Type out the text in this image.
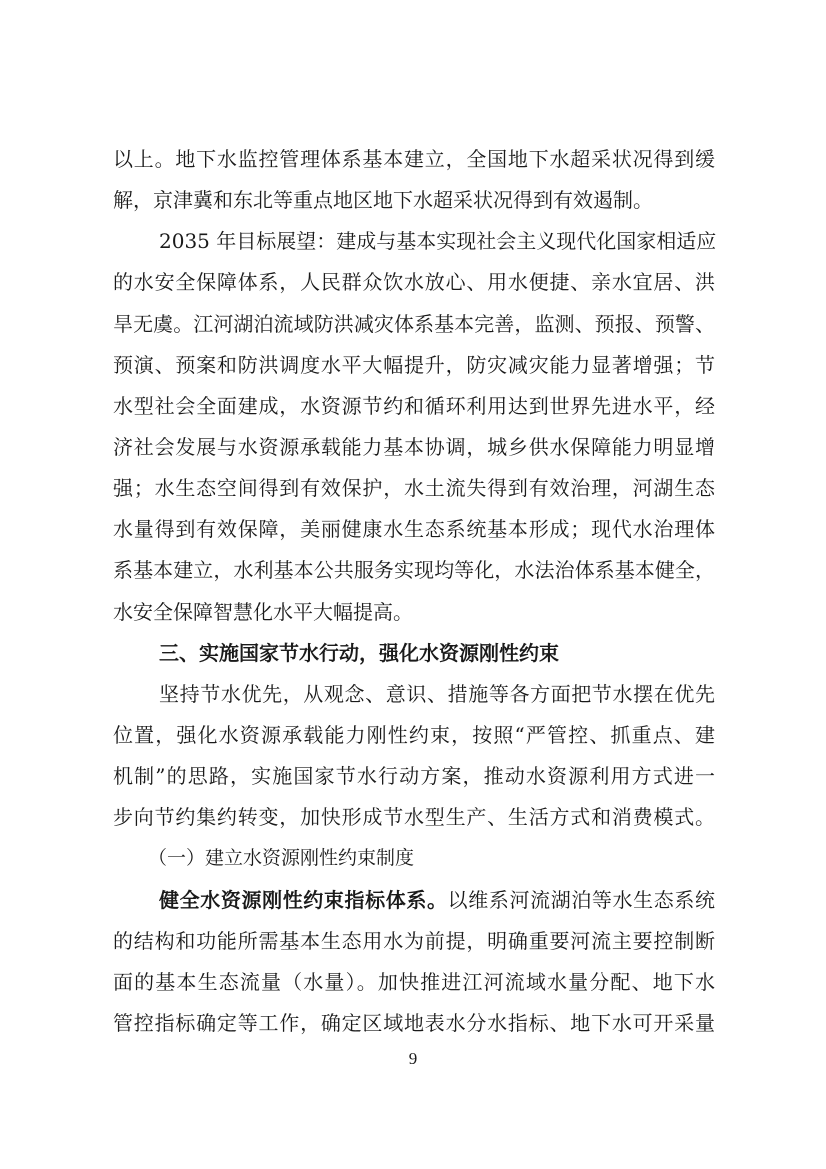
以上。地下水监控管理体系基本建立，全国地下水超采状况得到缓
解，京津冀和东北等重点地区地下水超采状况得到有效遏制。
2035 年目标展望：建成与基本实现社会主义现代化国家相适应
的水安全保障体系，人民群众饮水放心、用水便捷、亲水宜居、洪
旱无虞。江河湖泊流域防洪减灾体系基本完善，监测、预报、预警、
预演、预案和防洪调度水平大幅提升，防灾减灾能力显著增强；节
水型社会全面建成，水资源节约和循环利用达到世界先进水平，经
济社会发展与水资源承载能力基本协调，城乡供水保障能力明显增
强；水生态空间得到有效保护，水土流失得到有效治理，河湖生态
水量得到有效保障，美丽健康水生态系统基本形成；现代水治理体
系基本建立，水利基本公共服务实现均等化，水法治体系基本健全，
水安全保障智慧化水平大幅提高。
三、实施国家节水行动，强化水资源刚性约束
坚持节水优先，从观念、意识、措施等各方面把节水摆在优先
位置，强化水资源承载能力刚性约束，按照“严管控、抓重点、建
机制”的思路，实施国家节水行动方案，推动水资源利用方式进一
步向节约集约转变，加快形成节水型生产、生活方式和消费模式。
（一）建立水资源刚性约束制度
健全水资源刚性约束指标体系。以维系河流湖泊等水生态系统
的结构和功能所需基本生态用水为前提，明确重要河流主要控制断
面的基本生态流量（水量）。加快推进江河流域水量分配、地下水
管控指标确定等工作，确定区域地表水分水指标、地下水可开采量
9
